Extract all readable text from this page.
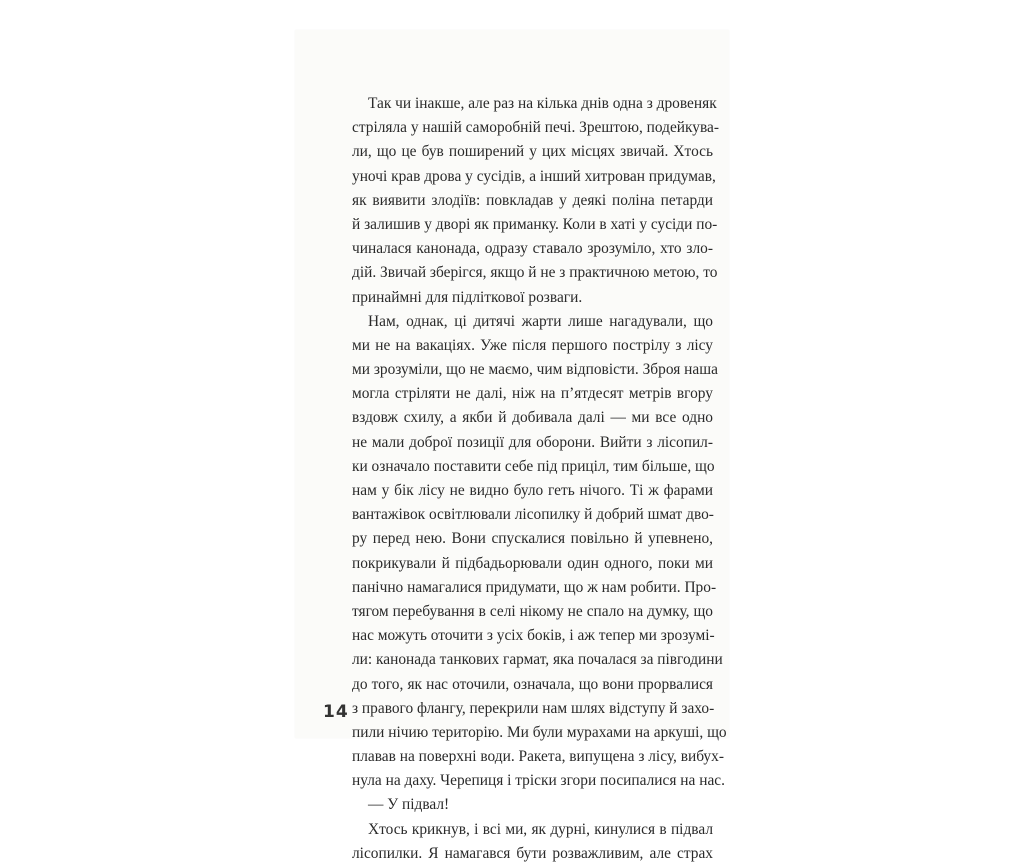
Так чи інакше, але раз на кілька днів одна з дровеняк
стріляла у нашій саморобній печі. Зрештою, подейкува-
ли, що це був поширений у цих місцях звичай. Хтось
уночі крав дрова у сусідів, а інший хитрован придумав,
як виявити злодіїв: повкладав у деякі поліна петарди
й залишив у дворі як приманку. Коли в хаті у сусіди по-
чиналася канонада, одразу ставало зрозуміло, хто зло-
дій. Звичай зберігся, якщо й не з практичною метою, то
принаймні для підліткової розваги.
Нам, однак, ці дитячі жарти лише нагадували, що
ми не на вакаціях. Уже після першого пострілу з лісу
ми зрозуміли, що не маємо, чим відповісти. Зброя наша
могла стріляти не далі, ніж на п’ятдесят метрів вгору
вздовж схилу, а якби й добивала далі — ми все одно
не мали доброї позиції для оборони. Вийти з лісопил-
ки означало поставити себе під приціл, тим більше, що
нам у бік лісу не видно було геть нічого. Ті ж фарами
вантажівок освітлювали лісопилку й добрий шмат дво-
ру перед нею. Вони спускалися повільно й упевнено,
покрикували й підбадьорювали один одного, поки ми
панічно намагалися придумати, що ж нам робити. Про-
тягом перебування в селі нікому не спало на думку, що
нас можуть оточити з усіх боків, і аж тепер ми зрозумі-
ли: канонада танкових гармат, яка почалася за півгодини
до того, як нас оточили, означала, що вони прорвалися
з правого флангу, перекрили нам шлях відступу й захо-
пили нічию територію. Ми були мурахами на аркуші, що
плавав на поверхні води. Ракета, випущена з лісу, вибух-
нула на даху. Черепиця і тріски згори посипалися на нас.
— У підвал!
Хтось крикнув, і всі ми, як дурні, кинулися в підвал
лісопилки. Я намагався бути розважливим, але страх
14
